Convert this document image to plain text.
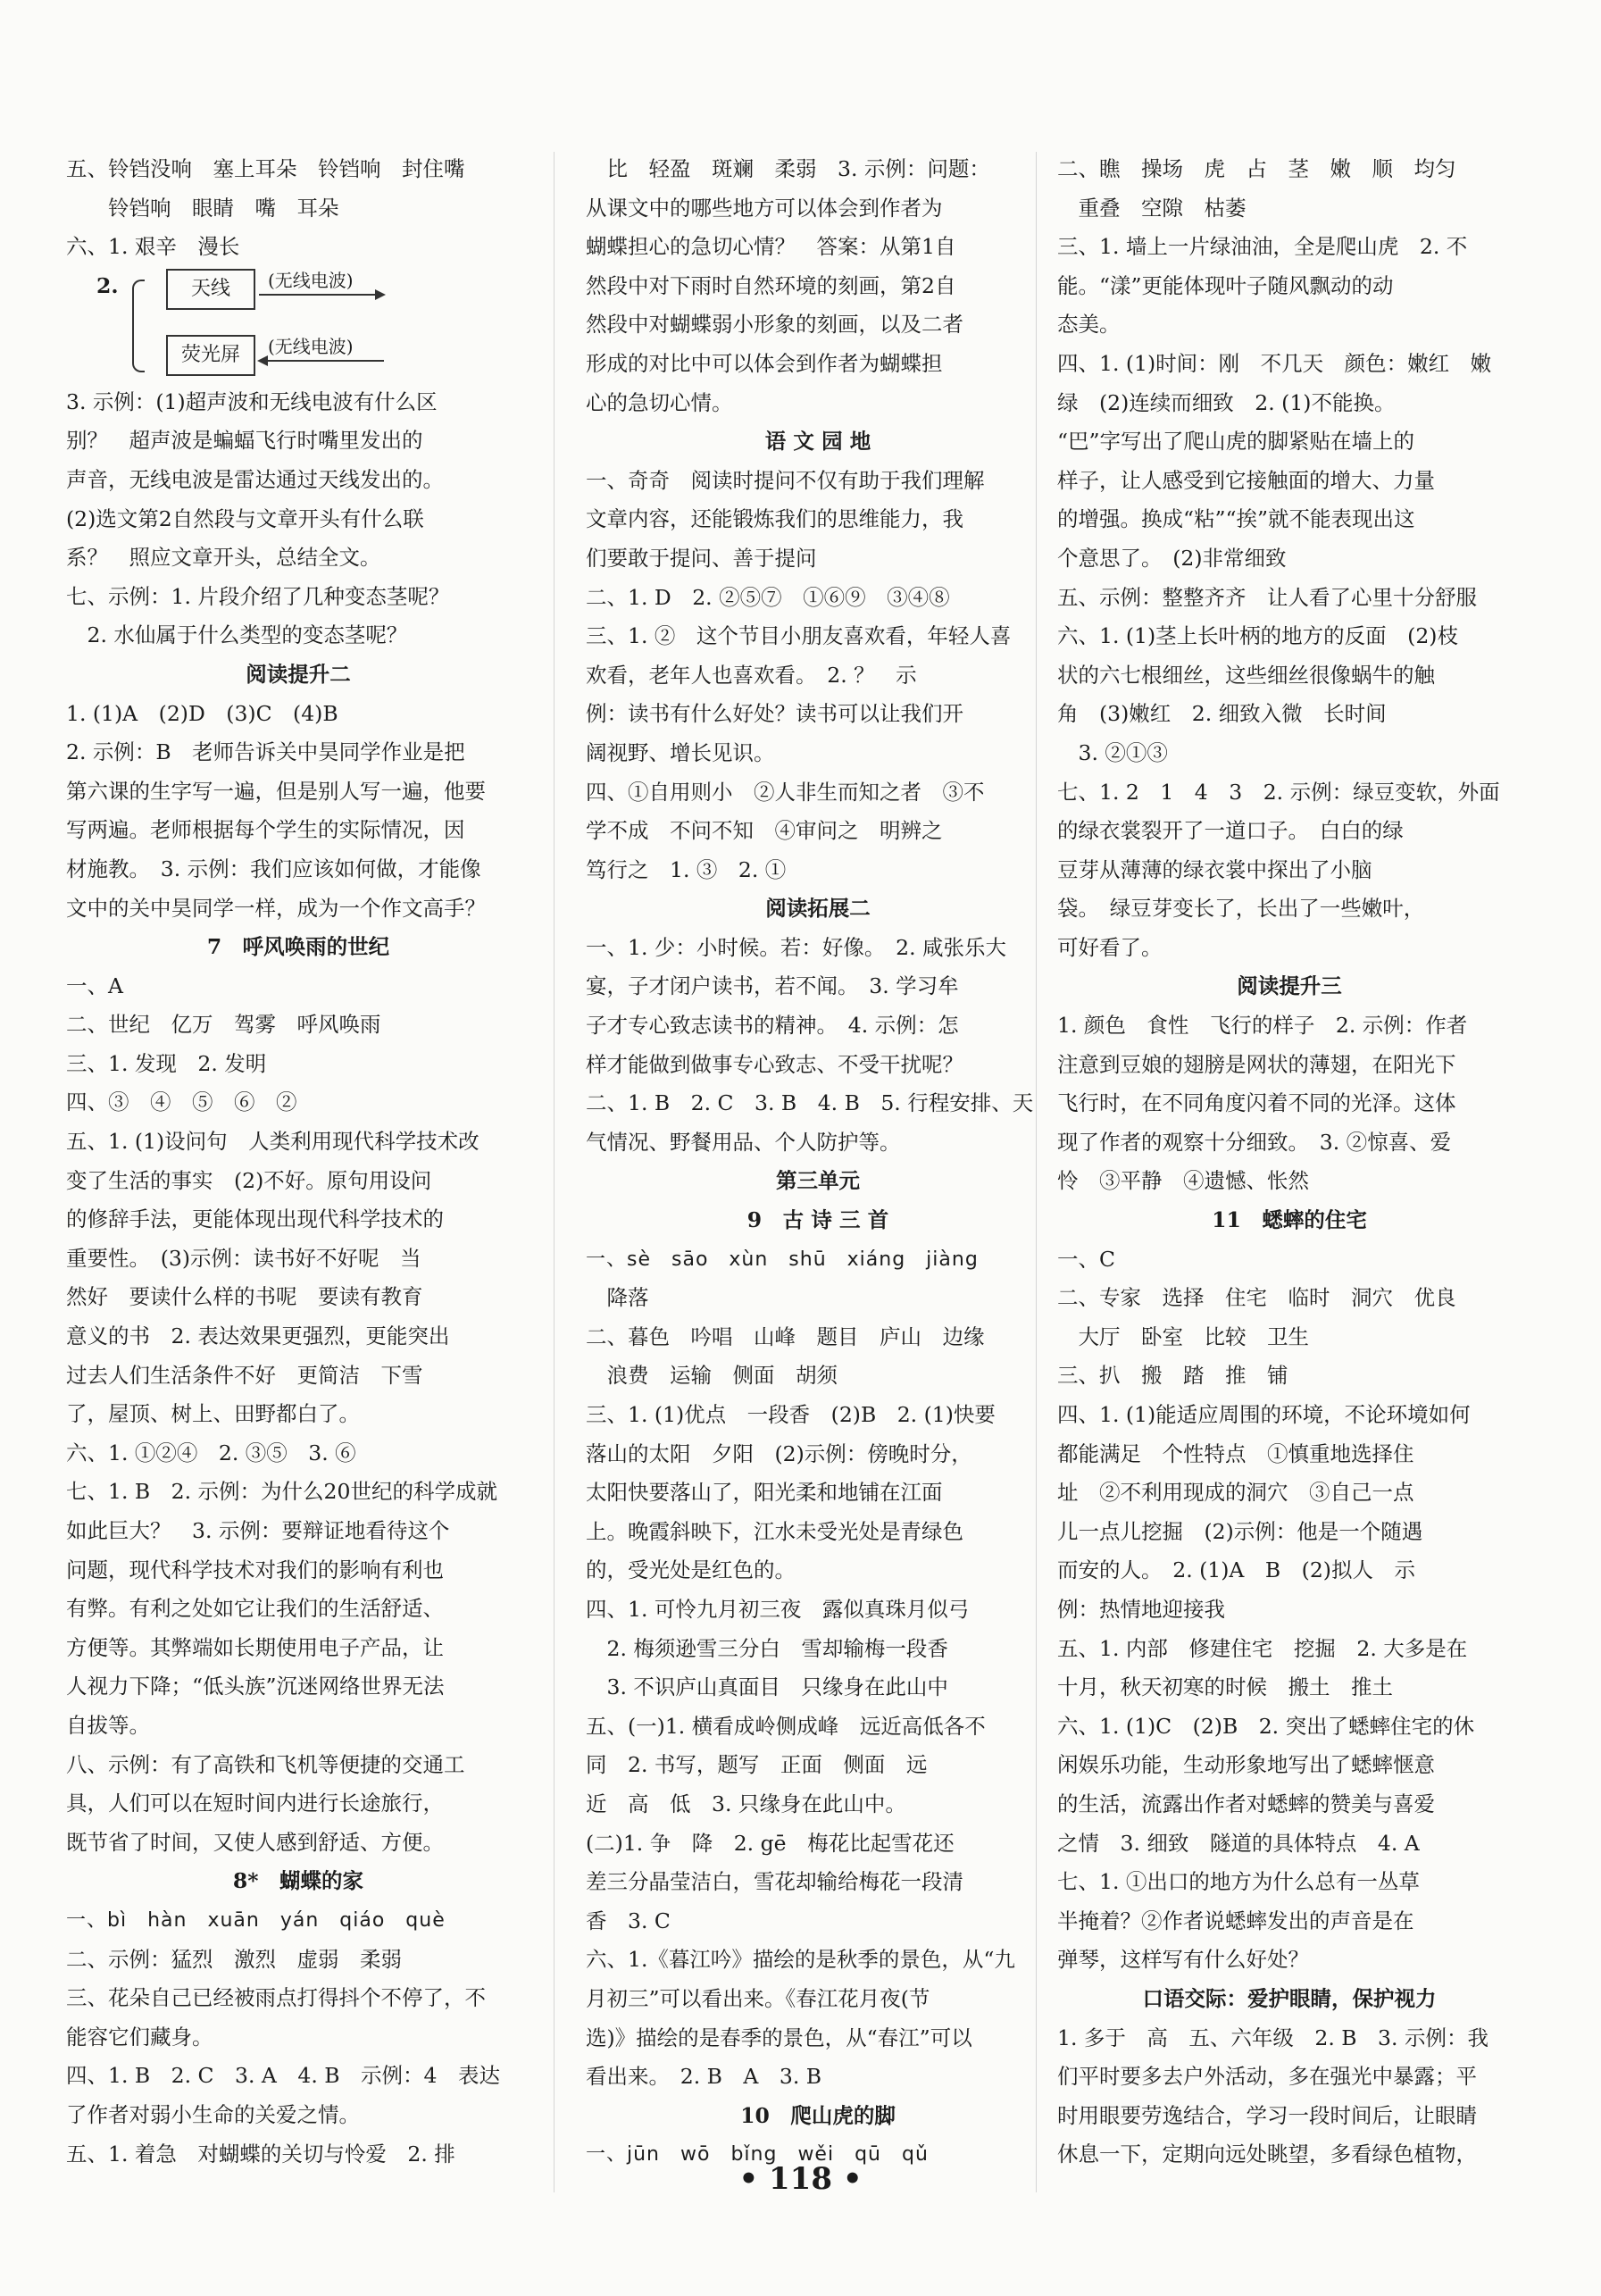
五、铃铛没响　塞上耳朵　铃铛响　封住嘴
　　铃铛响　眼睛　嘴　耳朵
六、1. 艰辛　漫长
2.	天线
荧光屏
(无线电波)
(无线电波)
3. 示例：(1)超声波和无线电波有什么区
别？　超声波是蝙蝠飞行时嘴里发出的
声音，无线电波是雷达通过天线发出的。
(2)选文第2自然段与文章开头有什么联
系？　照应文章开头，总结全文。
七、示例：1. 片段介绍了几种变态茎呢？
　2. 水仙属于什么类型的变态茎呢？
阅读提升二
1. (1)A　(2)D　(3)C　(4)B
2. 示例：B　老师告诉关中昊同学作业是把
第六课的生字写一遍，但是别人写一遍，他要
写两遍。老师根据每个学生的实际情况，因
材施教。　3. 示例：我们应该如何做，才能像
文中的关中昊同学一样，成为一个作文高手？
7　呼风唤雨的世纪
一、A
二、世纪　亿万　驾雾　呼风唤雨
三、1. 发现　2. 发明
四、③　④　⑤　⑥　②
五、1. (1)设问句　人类利用现代科学技术改
变了生活的事实　(2)不好。原句用设问
的修辞手法，更能体现出现代科学技术的
重要性。　(3)示例：读书好不好呢　当
然好　要读什么样的书呢　要读有教育
意义的书　2. 表达效果更强烈，更能突出
过去人们生活条件不好　更简洁　下雪
了，屋顶、树上、田野都白了。
六、1. ①②④　2. ③⑤　3. ⑥
七、1. B　2. 示例：为什么20世纪的科学成就
如此巨大？　3. 示例：要辩证地看待这个
问题，现代科学技术对我们的影响有利也
有弊。有利之处如它让我们的生活舒适、
方便等。其弊端如长期使用电子产品，让
人视力下降；“低头族”沉迷网络世界无法
自拔等。
八、示例：有了高铁和飞机等便捷的交通工
具，人们可以在短时间内进行长途旅行，
既节省了时间，又使人感到舒适、方便。
8*　蝴蝶的家
一、bì　hàn　xuān　yán　qiáo　què
二、示例：猛烈　激烈　虚弱　柔弱
三、花朵自己已经被雨点打得抖个不停了，不
能容它们藏身。
四、1. B　2. C　3. A　4. B　示例：4　表达
了作者对弱小生命的关爱之情。
五、1. 着急　对蝴蝶的关切与怜爱　2. 排
　比　轻盈　斑斓　柔弱　3. 示例：问题：
从课文中的哪些地方可以体会到作者为
蝴蝶担心的急切心情？　答案：从第1自
然段中对下雨时自然环境的刻画，第2自
然段中对蝴蝶弱小形象的刻画，以及二者
形成的对比中可以体会到作者为蝴蝶担
心的急切心情。
语 文 园 地
一、奇奇　阅读时提问不仅有助于我们理解
文章内容，还能锻炼我们的思维能力，我
们要敢于提问、善于提问
二、1. D　2. ②⑤⑦　①⑥⑨　③④⑧
三、1. ②　这个节目小朋友喜欢看，年轻人喜
欢看，老年人也喜欢看。　2. ？　示
例：读书有什么好处？读书可以让我们开
阔视野、增长见识。
四、①自用则小　②人非生而知之者　③不
学不成　不问不知　④审问之　明辨之
笃行之　1. ③　2. ①
阅读拓展二
一、1. 少：小时候。若：好像。　2. 咸张乐大
宴，子才闭户读书，若不闻。　3. 学习牟
子才专心致志读书的精神。　4. 示例：怎
样才能做到做事专心致志、不受干扰呢？
二、1. B　2. C　3. B　4. B　5. 行程安排、天
气情况、野餐用品、个人防护等。
第三单元
9　古 诗 三 首
一、sè　sāo　xùn　shū　xiáng　jiàng
　降落
二、暮色　吟唱　山峰　题目　庐山　边缘
　浪费　运输　侧面　胡须
三、1. (1)优点　一段香　(2)B　2. (1)快要
落山的太阳　夕阳　(2)示例：傍晚时分，
太阳快要落山了，阳光柔和地铺在江面
上。晚霞斜映下，江水未受光处是青绿色
的，受光处是红色的。
四、1. 可怜九月初三夜　露似真珠月似弓
　2. 梅须逊雪三分白　雪却输梅一段香
　3. 不识庐山真面目　只缘身在此山中
五、(一)1. 横看成岭侧成峰　远近高低各不
同　2. 书写，题写　正面　侧面　远
近　高　低　3. 只缘身在此山中。
(二)1. 争　降　2. gē　梅花比起雪花还
差三分晶莹洁白，雪花却输给梅花一段清
香　3. C
六、1.《暮江吟》描绘的是秋季的景色，从“九
月初三”可以看出来。《春江花月夜(节
选)》描绘的是春季的景色，从“春江”可以
看出来。　2. B　A　3. B
10　爬山虎的脚
一、jūn　wō　bǐng　wěi　qū　qǔ
二、瞧　操场　虎　占　茎　嫩　顺　均匀
　重叠　空隙　枯萎
三、1. 墙上一片绿油油，全是爬山虎　2. 不
能。“漾”更能体现叶子随风飘动的动
态美。
四、1. (1)时间：刚　不几天　颜色：嫩红　嫩
绿　(2)连续而细致　2. (1)不能换。
“巴”字写出了爬山虎的脚紧贴在墙上的
样子，让人感受到它接触面的增大、力量
的增强。换成“粘”“挨”就不能表现出这
个意思了。　(2)非常细致
五、示例：整整齐齐　让人看了心里十分舒服
六、1. (1)茎上长叶柄的地方的反面　(2)枝
状的六七根细丝，这些细丝很像蜗牛的触
角　(3)嫩红　2. 细致入微　长时间
　3. ②①③
七、1. 2　1　4　3　2. 示例：绿豆变软，外面
的绿衣裳裂开了一道口子。　白白的绿
豆芽从薄薄的绿衣裳中探出了小脑
袋。　绿豆芽变长了，长出了一些嫩叶，
可好看了。
阅读提升三
1. 颜色　食性　飞行的样子　2. 示例：作者
注意到豆娘的翅膀是网状的薄翅，在阳光下
飞行时，在不同角度闪着不同的光泽。这体
现了作者的观察十分细致。　3. ②惊喜、爱
怜　③平静　④遗憾、怅然
11　蟋蟀的住宅
一、C
二、专家　选择　住宅　临时　洞穴　优良
　大厅　卧室　比较　卫生
三、扒　搬　踏　推　铺
四、1. (1)能适应周围的环境，不论环境如何
都能满足　个性特点　①慎重地选择住
址　②不利用现成的洞穴　③自己一点
儿一点儿挖掘　(2)示例：他是一个随遇
而安的人。　2. (1)A　B　(2)拟人　示
例：热情地迎接我
五、1. 内部　修建住宅　挖掘　2. 大多是在
十月，秋天初寒的时候　搬土　推土
六、1. (1)C　(2)B　2. 突出了蟋蟀住宅的休
闲娱乐功能，生动形象地写出了蟋蟀惬意
的生活，流露出作者对蟋蟀的赞美与喜爱
之情　3. 细致　隧道的具体特点　4. A
七、1. ①出口的地方为什么总有一丛草
半掩着？②作者说蟋蟀发出的声音是在
弹琴，这样写有什么好处？
口语交际：爱护眼睛，保护视力
1. 多于　高　五、六年级　2. B　3. 示例：我
们平时要多去户外活动，多在强光中暴露；平
时用眼要劳逸结合，学习一段时间后，让眼睛
休息一下，定期向远处眺望，多看绿色植物，
• 118 •
